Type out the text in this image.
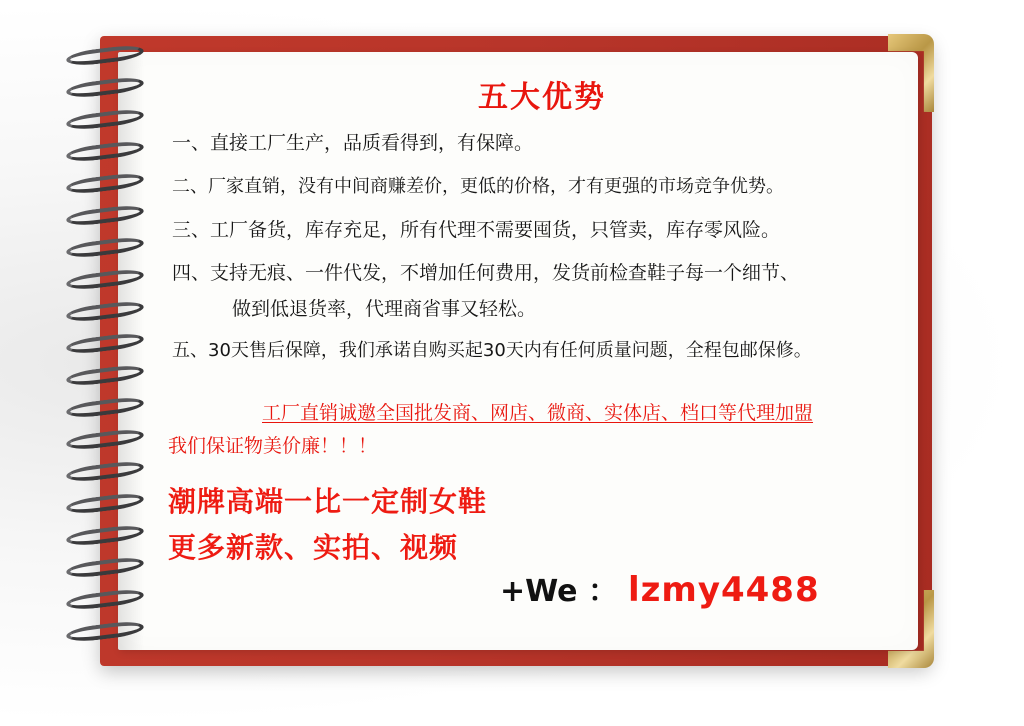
五大优势
一、直接工厂生产，品质看得到，有保障。
二、厂家直销，没有中间商赚差价，更低的价格，才有更强的市场竞争优势。
三、工厂备货，库存充足，所有代理不需要囤货，只管卖，库存零风险。
四、支持无痕、一件代发，不增加任何费用，发货前检查鞋子每一个细节、
做到低退货率，代理商省事又轻松。
五、30天售后保障，我们承诺自购买起30天内有任何质量问题，全程包邮保修。
工厂直销诚邀全国批发商、网店、微商、实体店、档口等代理加盟
我们保证物美价廉！！！
潮牌高端一比一定制女鞋
更多新款、实拍、视频
+We ： lzmy4488
